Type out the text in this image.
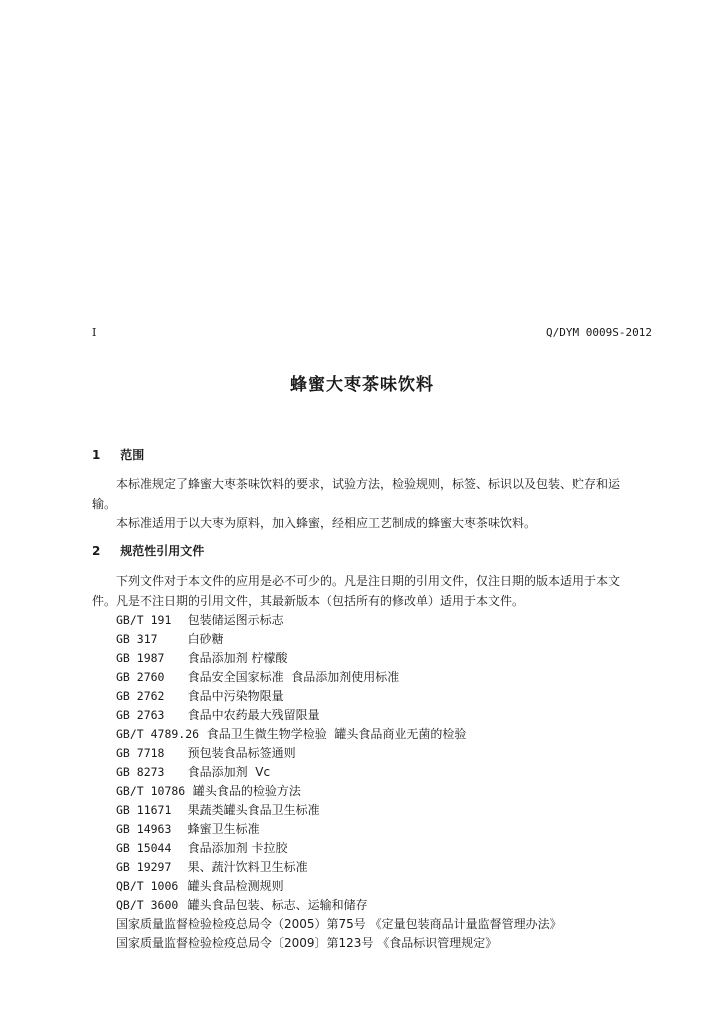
I	Q/DYM 0009S-2012
蜂蜜大枣茶味饮料
1 范围
本标准规定了蜂蜜大枣茶味饮料的要求，试验方法，检验规则，标签、标识以及包装、贮存和运
输。
本标准适用于以大枣为原料，加入蜂蜜，经相应工艺制成的蜂蜜大枣茶味饮料。
2 规范性引用文件
下列文件对于本文件的应用是必不可少的。凡是注日期的引用文件，仅注日期的版本适用于本文
件。凡是不注日期的引用文件，其最新版本（包括所有的修改单）适用于本文件。
GB/T 191 包装储运图示标志
GB 317	白砂糖
GB 1987 食品添加剂 柠檬酸
GB 2760 食品安全国家标准  食品添加剂使用标准
GB 2762 食品中污染物限量
GB 2763 食品中农药最大残留限量
GB/T 4789.26 食品卫生微生物学检验  罐头食品商业无菌的检验
GB 7718 预包装食品标签通则
GB 8273 食品添加剂  Vc
GB/T 10786 罐头食品的检验方法
GB 11671 果蔬类罐头食品卫生标准
GB 14963 蜂蜜卫生标准
GB 15044 食品添加剂 卡拉胶
GB 19297 果、蔬汁饮料卫生标准
QB/T 1006 罐头食品检测规则
QB/T 3600 罐头食品包装、标志、运输和储存
国家质量监督检验检疫总局令（2005）第75号 《定量包装商品计量监督管理办法》
国家质量监督检验检疫总局令〔2009〕第123号 《食品标识管理规定》
